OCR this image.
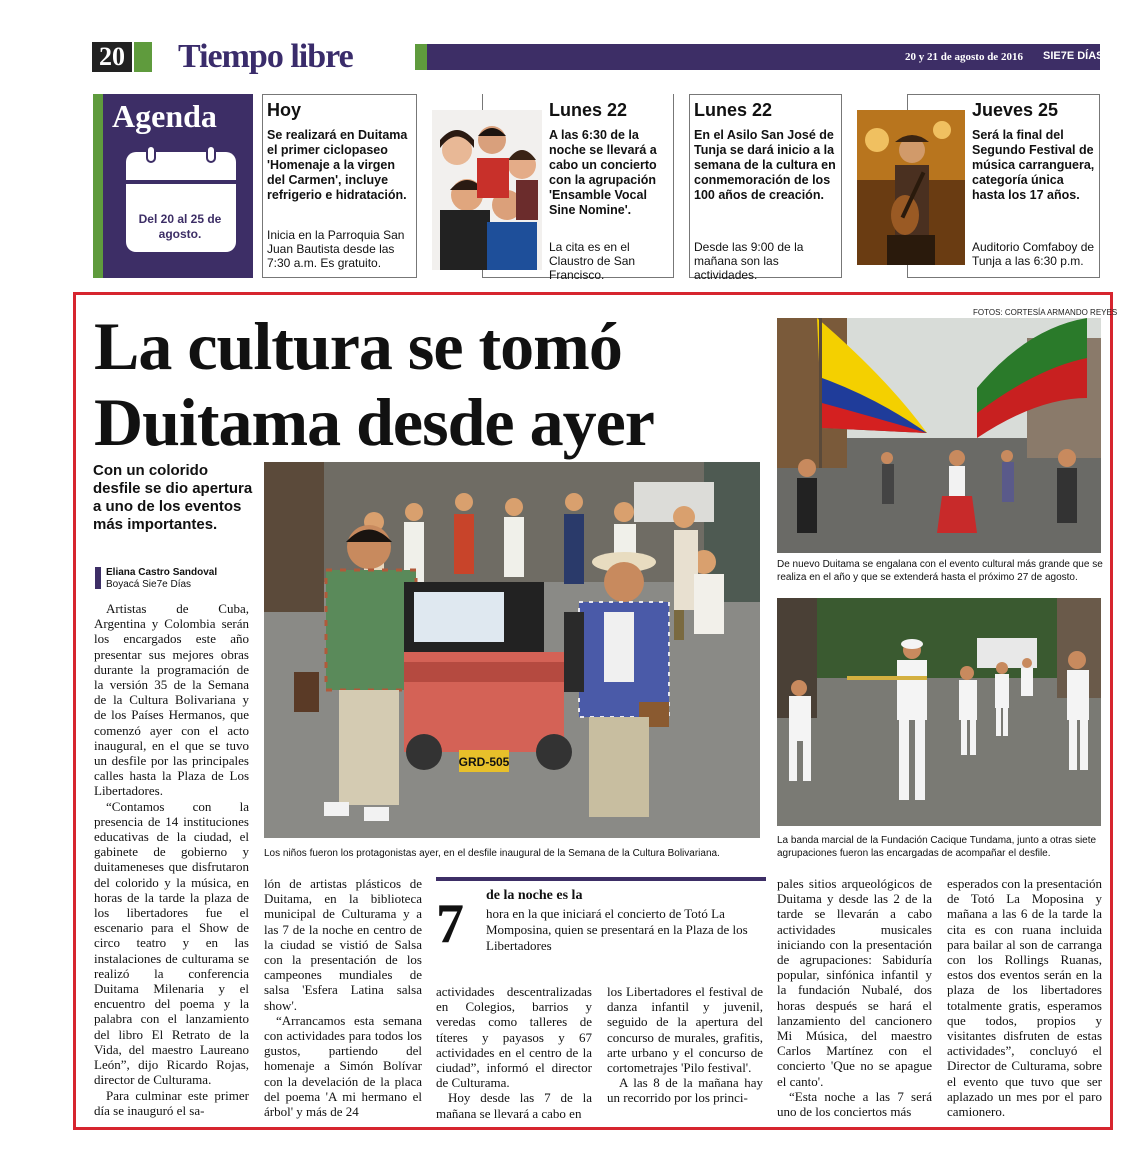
20 Tiempo libre	20 y 21 de agosto de 2016 SIE7E DÍAS
Agenda
Del 20 al 25 de agosto.
Hoy
Se realizará en Duitama el primer ciclopaseo 'Homenaje a la virgen del Carmen', incluye refrigerio e hidratación.
Inicia en la Parroquia San Juan Bautista desde las 7:30 a.m. Es gratuito.
Lunes 22
A las 6:30 de la noche se llevará a cabo un concierto con la agrupación 'Ensamble Vocal Sine Nomine'.
La cita es en el Claustro de San Francisco.
Lunes 22
En el Asilo San José de Tunja se dará inicio a la semana de la cultura en conmemoración de los 100 años de creación.
Desde las 9:00 de la mañana son las actividades.
Jueves 25
Será la final del Segundo Festival de música carranguera, categoría única hasta los 17 años.
Auditorio Comfaboy de Tunja a las 6:30 p.m.
La cultura se tomó
Duitama desde ayer
FOTOS: CORTESÍA ARMANDO REYES
Con un colorido desfile se dio apertura a uno de los eventos más importantes.
Eliana Castro Sandoval
Boyacá Sie7e Días
GRD-505
Los niños fueron los protagonistas ayer, en el desfile inaugural de la Semana de la Cultura Bolivariana.
De nuevo Duitama se engalana con el evento cultural más grande que se realiza en el año y que se extenderá hasta el próximo 27 de agosto.
La banda marcial de la Fundación Cacique Tundama, junto a otras siete agrupaciones fueron las encargadas de acompañar el desfile.

Artistas de Cuba, Argentina y Colombia serán los encargados este año presentar sus mejores obras durante la programación de la versión 35 de la Semana de la Cultura Bolivariana y de los Países Hermanos, que comenzó ayer con el acto inaugural, en el que se tuvo un desfile por las principales calles hasta la Plaza de Los Libertadores.

“Contamos con la presencia de 14 instituciones educativas de la ciudad, el gabinete de gobierno y duitameneses que disfrutaron del colorido y la música, en horas de la tarde la plaza de los libertadores fue el escenario para el Show de circo teatro y en las instalaciones de culturama se realizó la conferencia Duitama Milenaria y el encuentro del poema y la palabra con el lanzamiento del libro El Retrato de la Vida, del maestro Laureano León”, dijo Ricardo Rojas, director de Culturama.

Para culminar este primer día se inauguró el sa-

lón de artistas plásticos de Duitama, en la biblioteca municipal de Culturama y a las 7 de la noche en centro de la ciudad se vistió de Salsa con la presentación de los campeones mundiales de salsa 'Esfera Latina salsa show'.

“Arrancamos esta semana con actividades para todos los gustos, partiendo del homenaje a Simón Bolívar con la develación de la placa del poema 'A mi hermano el árbol' y más de 24

7 de la noche es la
hora en la que iniciará el concierto de Totó La Momposina, quien se presentará en la Plaza de los Libertadores

actividades descentralizadas en Colegios, barrios y veredas como talleres de títeres y payasos y 67 actividades en el centro de la ciudad”, informó el director de Culturama.

Hoy desde las 7 de la mañana se llevará a cabo en

los Libertadores el festival de danza infantil y juvenil, seguido de la apertura del concurso de murales, grafitis, arte urbano y el concurso de cortometrajes 'Pilo festival'.

A las 8 de la mañana hay un recorrido por los princi-

pales sitios arqueológicos de Duitama y desde las 2 de la tarde se llevarán a cabo actividades musicales iniciando con la presentación de agrupaciones: Sabiduría popular, sinfónica infantil y la fundación Nubalé, dos horas después se hará el lanzamiento del cancionero Mi Música, del maestro Carlos Martínez con el concierto 'Que no se apague el canto'.

“Esta noche a las 7 será uno de los conciertos más

esperados con la presentación de Totó La Moposina y mañana a las 6 de la tarde la cita es con ruana incluida para bailar al son de carranga con los Rollings Ruanas, estos dos eventos serán en la plaza de los libertadores totalmente gratis, esperamos que todos, propios y visitantes disfruten de estas actividades”, concluyó el Director de Culturama, sobre el evento que tuvo que ser aplazado un mes por el paro camionero.
